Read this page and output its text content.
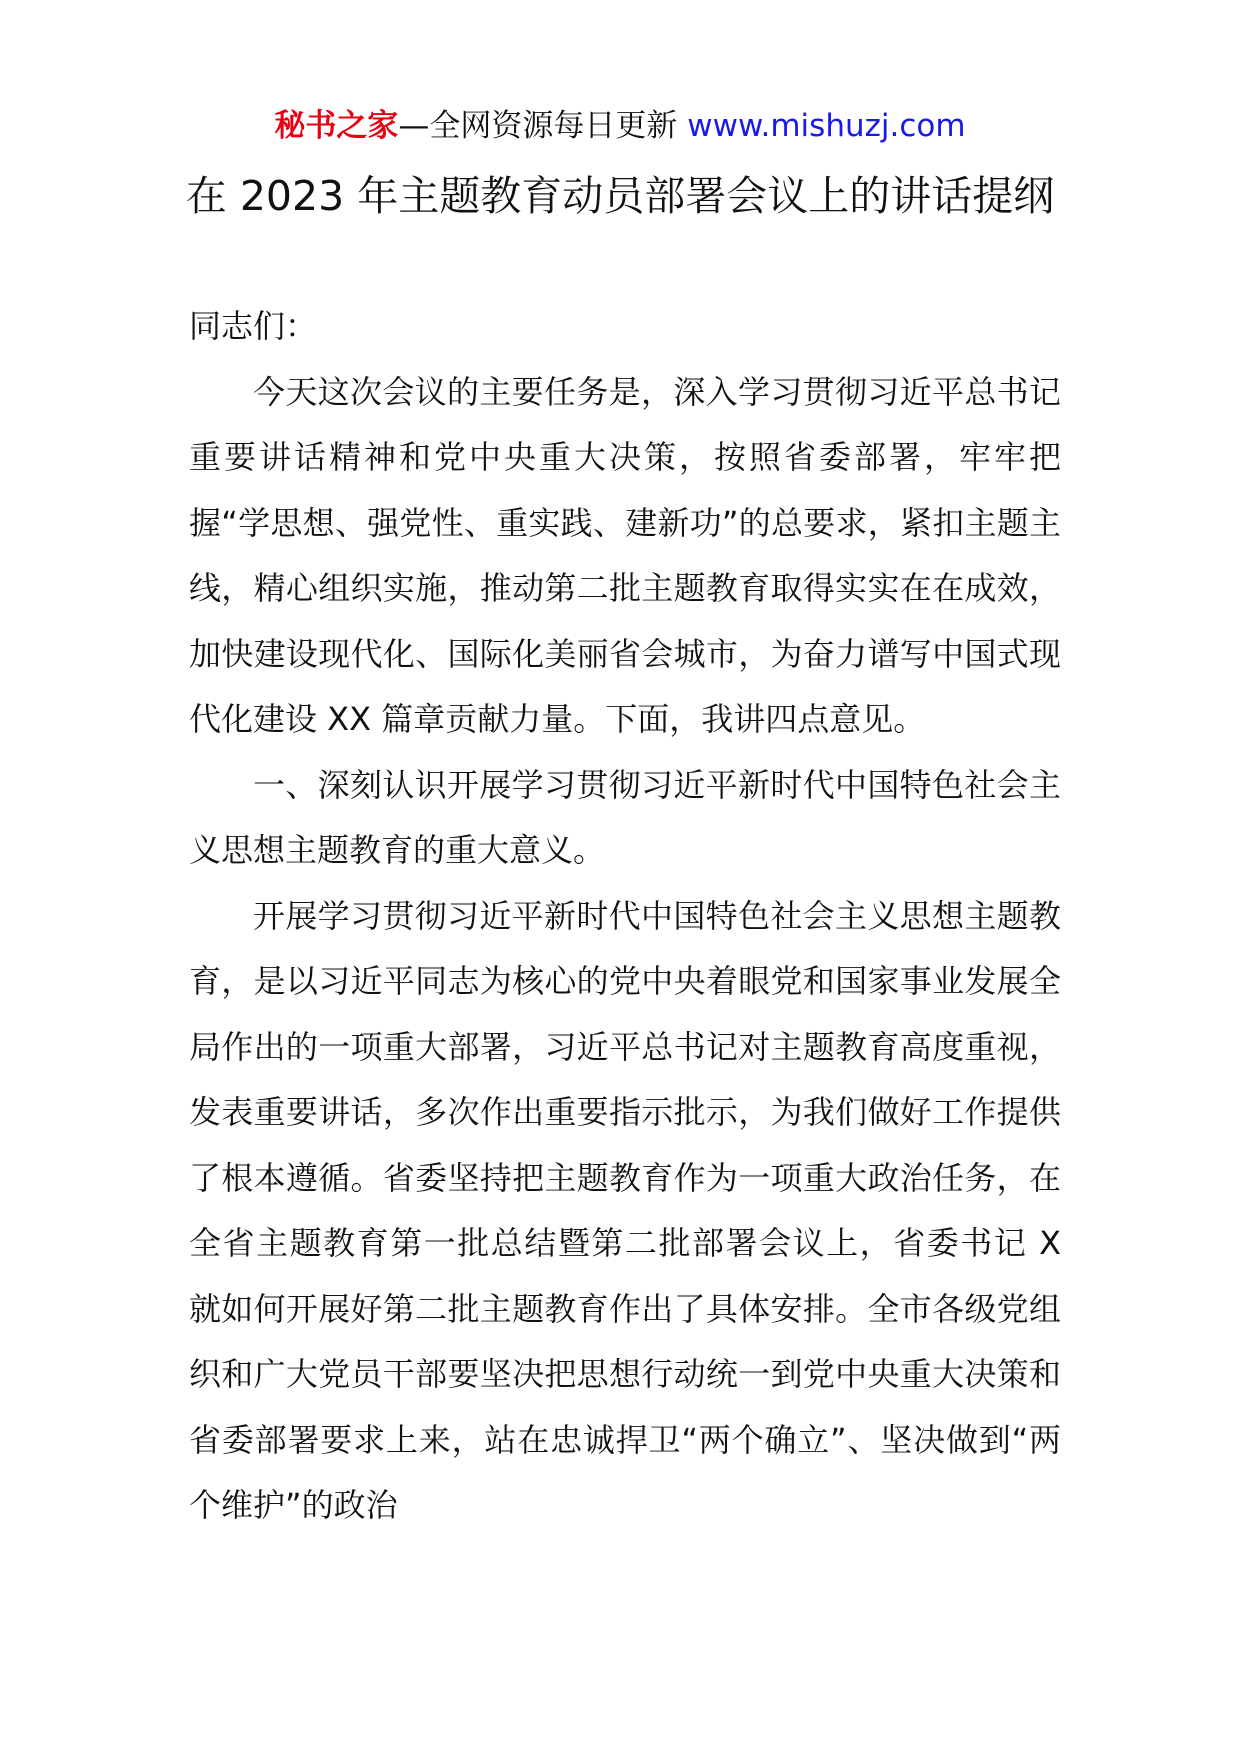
秘书之家—全网资源每日更新 www.mishuzj.com
在 2023 年主题教育动员部署会议上的讲话提纲

同志们：

今天这次会议的主要任务是，深入学习贯彻习近平总书记重要讲话精神和党中央重大决策，按照省委部署，牢牢把握“学思想、强党性、重实践、建新功”的总要求，紧扣主题主线，精心组织实施，推动第二批主题教育取得实实在在成效，加快建设现代化、国际化美丽省会城市，为奋力谱写中国式现代化建设 XX 篇章贡献力量。下面，我讲四点意见。

一、深刻认识开展学习贯彻习近平新时代中国特色社会主义思想主题教育的重大意义。

开展学习贯彻习近平新时代中国特色社会主义思想主题教育，是以习近平同志为核心的党中央着眼党和国家事业发展全局作出的一项重大部署，习近平总书记对主题教育高度重视，发表重要讲话，多次作出重要指示批示，为我们做好工作提供了根本遵循。省委坚持把主题教育作为一项重大政治任务，在全省主题教育第一批总结暨第二批部署会议上，省委书记 X 就如何开展好第二批主题教育作出了具体安排。全市各级党组织和广大党员干部要坚决把思想行动统一到党中央重大决策和省委部署要求上来，站在忠诚捍卫“两个确立”、坚决做到“两个维护”的政治
